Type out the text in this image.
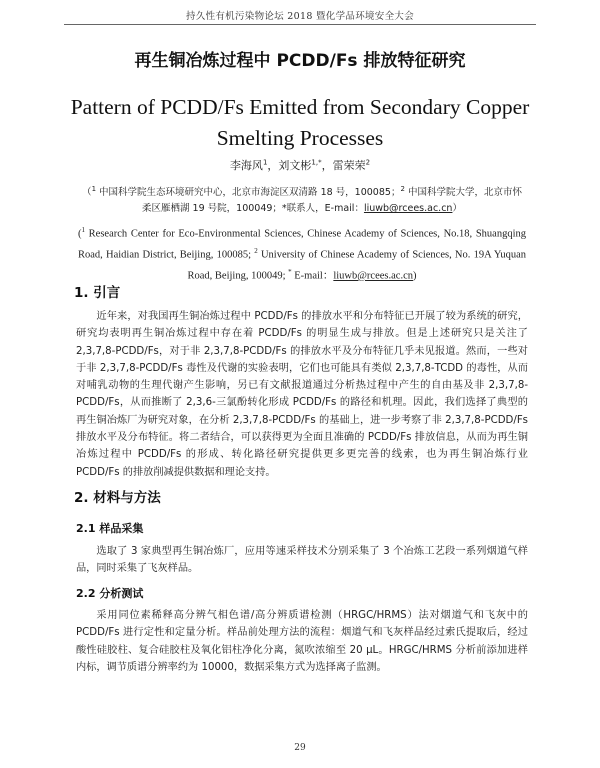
持久性有机污染物论坛 2018 暨化学品环境安全大会
再生铜冶炼过程中 PCDD/Fs 排放特征研究
Pattern of PCDD/Fs Emitted from Secondary Copper Smelting Processes
李海风$^1$，刘文彬$^{1,*}$，雷荣荣$^2$
（$^1$ 中国科学院生态环境研究中心，北京市海淀区双清路 18 号，100085；$^2$ 中国科学院大学，北京市怀柔区雁栖湖 19 号院，100049；*联系人，E-mail：liuwb@rcees.ac.cn）
($^1$ Research Center for Eco-Environmental Sciences, Chinese Academy of Sciences, No.18, Shuangqing Road, Haidian District, Beijing, 100085; $^2$ University of Chinese Academy of Sciences, No. 19A Yuquan Road, Beijing, 100049; * E-mail：liuwb@rcees.ac.cn)
1. 引言
近年来，对我国再生铜冶炼过程中 PCDD/Fs 的排放水平和分布特征已开展了较为系统的研究，研究均表明再生铜冶炼过程中存在着 PCDD/Fs 的明显生成与排放。但是上述研究只是关注了 2,3,7,8-PCDD/Fs，对于非 2,3,7,8-PCDD/Fs 的排放水平及分布特征几乎未见报道。然而，一些对于非 2,3,7,8-PCDD/Fs 毒性及代谢的实验表明，它们也可能具有类似 2,3,7,8-TCDD 的毒性，从而对哺乳动物的生理代谢产生影响，另已有文献报道通过分析热过程中产生的自由基及非 2,3,7,8-PCDD/Fs，从而推断了 2,3,6-三氯酚转化形成 PCDD/Fs 的路径和机理。因此，我们选择了典型的再生铜冶炼厂为研究对象，在分析 2,3,7,8-PCDD/Fs 的基础上，进一步考察了非 2,3,7,8-PCDD/Fs 排放水平及分布特征。将二者结合，可以获得更为全面且准确的 PCDD/Fs 排放信息，从而为再生铜冶炼过程中 PCDD/Fs 的形成、转化路径研究提供更多更完善的线索，也为再生铜冶炼行业 PCDD/Fs 的排放削减提供数据和理论支持。
2. 材料与方法
2.1 样品采集
选取了 3 家典型再生铜冶炼厂，应用等速采样技术分别采集了 3 个冶炼工艺段一系列烟道气样品，同时采集了飞灰样品。
2.2 分析测试
采用同位素稀释高分辨气相色谱/高分辨质谱检测（HRGC/HRMS）法对烟道气和飞灰中的 PCDD/Fs 进行定性和定量分析。样品前处理方法的流程：烟道气和飞灰样品经过索氏提取后，经过酸性硅胶柱、复合硅胶柱及氧化铝柱净化分离，氮吹浓缩至 20 μL。HRGC/HRMS 分析前添加进样内标，调节质谱分辨率约为 10000，数据采集方式为选择离子监测。
29
